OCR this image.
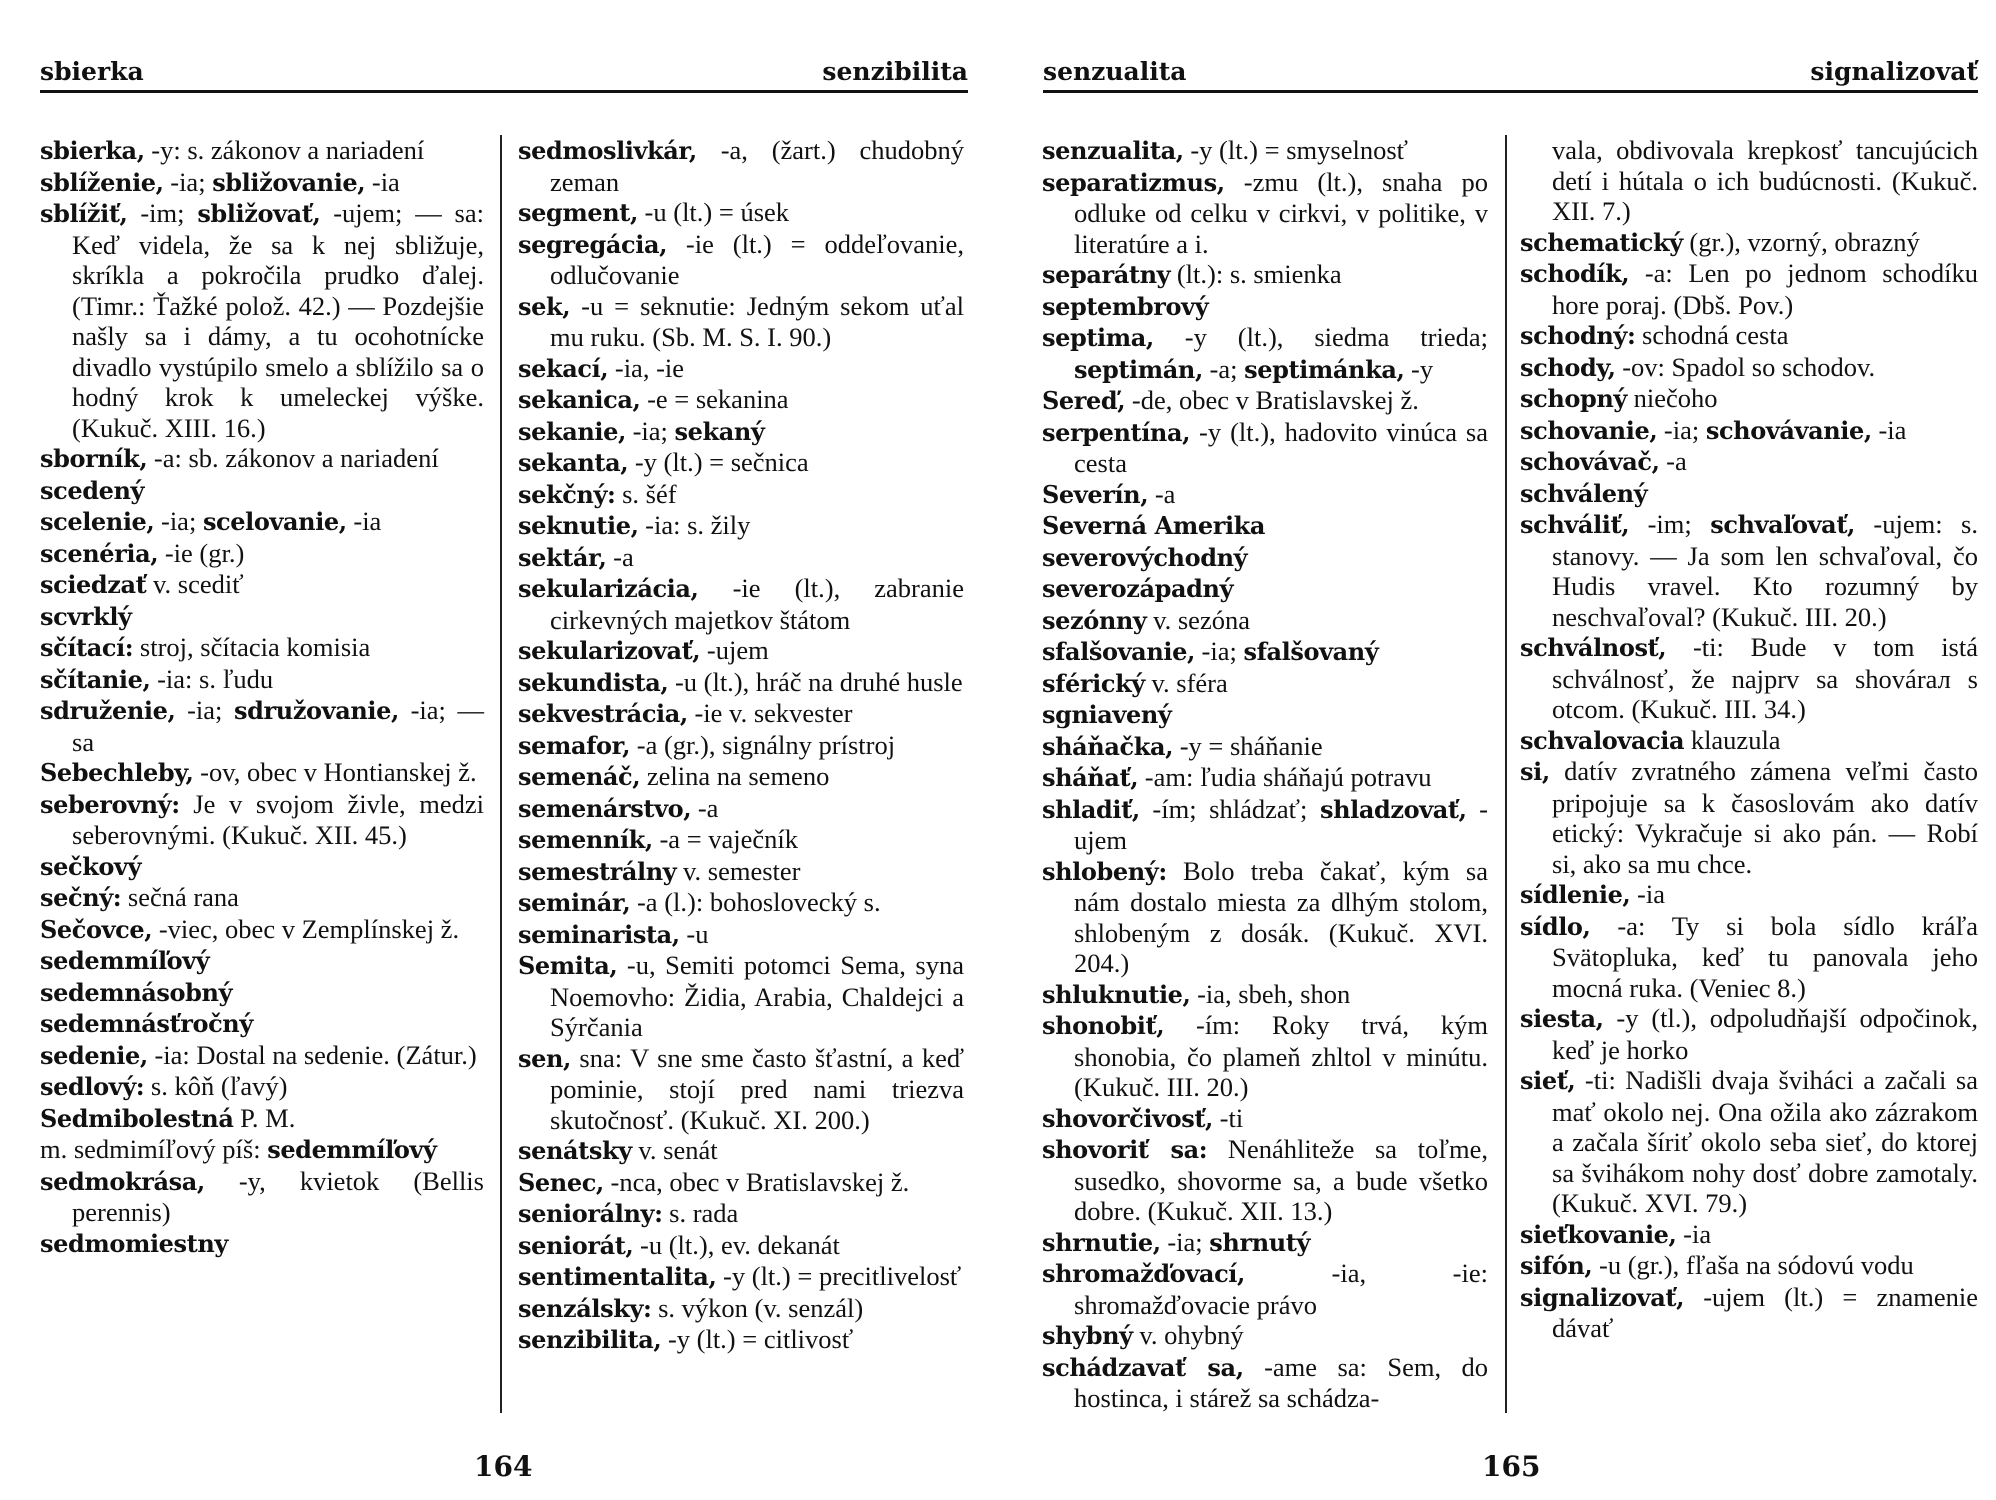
sbierka	senzibilita	senzualita	signalizovať

sbierka, -y: s. zákonov a nariadení

sblíženie, -ia; sbližovanie, -ia

sblížiť, -im; sbližovať, -ujem; — sa: Keď videla, že sa k nej sbližuje, skríkla a pokročila prudko ďalej. (Timr.: Ťažké polož. 42.) — Pozdejšie našly sa i dámy, a tu ocohotnícke divadlo vystúpilo smelo a sblížilo sa o hodný krok k umeleckej výške. (Kukuč. XIII. 16.)

sborník, -a: sb. zákonov a nariadení

scedený

scelenie, -ia; scelovanie, -ia

scenéria, -ie (gr.)

sciedzať v. scediť

scvrklý

sčítací: stroj, sčítacia komisia

sčítanie, -ia: s. ľudu

sdruženie, -ia; sdružovanie, -ia; — sa

Sebechleby, -ov, obec v Hontianskej ž.

seberovný: Je v svojom živle, medzi seberovnými. (Kukuč. XII. 45.)

sečkový

sečný: sečná rana

Sečovce, -viec, obec v Zemplínskej ž.

sedemmíľový

sedemnásobný

sedemnásťročný

sedenie, -ia: Dostal na sedenie. (Zátur.)

sedlový: s. kôň (ľavý)

Sedmibolestná P. M.

m. sedmimíľový píš: sedemmíľový

sedmokrása, -y, kvietok (Bellis perennis)

sedmomiestny

sedmoslivkár, -a, (žart.) chudobný zeman

segment, -u (lt.) = úsek

segregácia, -ie (lt.) = oddeľovanie, odlučovanie

sek, -u = seknutie: Jedným sekom uťal mu ruku. (Sb. M. S. I. 90.)

sekací, -ia, -ie

sekanica, -e = sekanina

sekanie, -ia; sekaný

sekanta, -y (lt.) = sečnica

sekčný: s. šéf

seknutie, -ia: s. žily

sektár, -a

sekularizácia, -ie (lt.), zabranie cirkevných majetkov štátom

sekularizovať, -ujem

sekundista, -u (lt.), hráč na druhé husle

sekvestrácia, -ie v. sekvester

semafor, -a (gr.), signálny prístroj

semenáč, zelina na semeno

semenárstvo, -a

semenník, -a = vaječník

semestrálny v. semester

seminár, -a (l.): bohoslovecký s.

seminarista, -u

Semita, -u, Semiti potomci Sema, syna Noemovho: Židia, Arabia, Chaldejci a Sýrčania

sen, sna: V sne sme často šťastní, a keď pominie, stojí pred nami triezva skutočnosť. (Kukuč. XI. 200.)

senátsky v. senát

Senec, -nca, obec v Bratislavskej ž.

seniorálny: s. rada

seniorát, -u (lt.), ev. dekanát

sentimentalita, -y (lt.) = precitlivelosť

senzálsky: s. výkon (v. senzál)

senzibilita, -y (lt.) = citlivosť

senzualita, -y (lt.) = smyselnosť

separatizmus, -zmu (lt.), snaha po odluke od celku v cirkvi, v politike, v literatúre a i.

separátny (lt.): s. smienka

septembrový

septima, -y (lt.), siedma trieda; septimán, -a; septimánka, -y

Sereď, -de, obec v Bratislavskej ž.

serpentína, -y (lt.), hadovito vinúca sa cesta

Severín, -a

Severná Amerika

severovýchodný

severozápadný

sezónny v. sezóna

sfalšovanie, -ia; sfalšovaný

sférický v. sféra

sgniavený

sháňačka, -y = sháňanie

sháňať, -am: ľudia sháňajú potravu

shladiť, -ím; shládzať; shladzovať, -ujem

shlobený: Bolo treba čakať, kým sa nám dostalo miesta za dlhým stolom, shlobeným z dosák. (Kukuč. XVI. 204.)

shluknutie, -ia, sbeh, shon

shonobiť, -ím: Roky trvá, kým shonobia, čo plameň zhltol v minútu. (Kukuč. III. 20.)

shovorčivosť, -ti

shovoriť sa: Nenáhliteže sa toľme, susedko, shovorme sa, a bude všetko dobre. (Kukuč. XII. 13.)

shrnutie, -ia; shrnutý

shromažďovací, -ia, -ie: shromažďovacie právo

shybný v. ohybný

schádzavať sa, -ame sa: Sem, do hostinca, i stárež sa schádza-

vala, obdivovala krepkosť tancujúcich detí i hútala o ich budúcnosti. (Kukuč. XII. 7.)

schematický (gr.), vzorný, obrazný

schodík, -a: Len po jednom schodíku hore poraj. (Dbš. Pov.)

schodný: schodná cesta

schody, -ov: Spadol so schodov.

schopný niečoho

schovanie, -ia; schovávanie, -ia

schovávač, -a

schválený

schváliť, -im; schvaľovať, -ujem: s. stanovy. — Ja som len schvaľoval, čo Hudis vravel. Kto rozumný by neschvaľoval? (Kukuč. III. 20.)

schválnosť, -ti: Bude v tom istá schválnosť, že najprv sa shovárал s otcom. (Kukuč. III. 34.)

schvalovacia klauzula

si, datív zvratného zámena veľmi často pripojuje sa k časoslovám ako datív etický: Vykračuje si ako pán. — Robí si, ako sa mu chce.

sídlenie, -ia

sídlo, -a: Ty si bola sídlo kráľa Svätopluka, keď tu panovala jeho mocná ruka. (Veniec 8.)

siesta, -y (tl.), odpoludňajší odpočinok, keď je horko

sieť, -ti: Nadišli dvaja švihácі a začali sa mať okolo nej. Ona ožila ako zázrakom a začala šíriť okolo seba sieť, do ktorej sa švihákom nohy dosť dobre zamotaly. (Kukuč. XVI. 79.)

sieťkovanie, -ia

sifón, -u (gr.), fľaša na sódovú vodu

signalizovať, -ujem (lt.) = znamenie dávať

164	165
